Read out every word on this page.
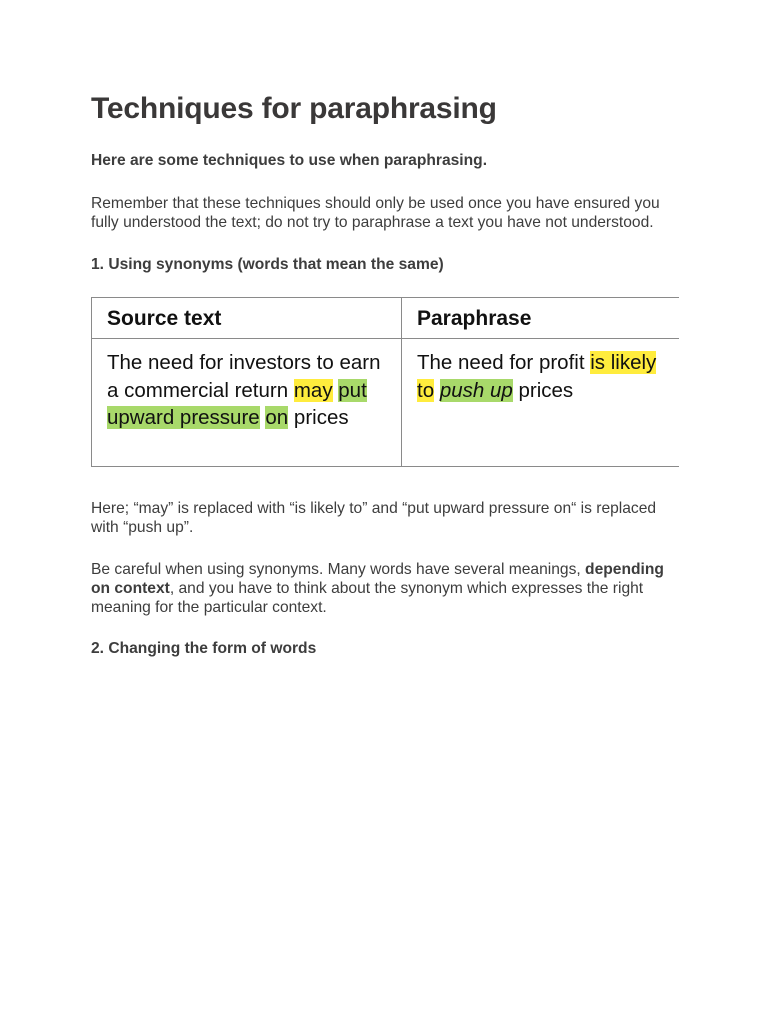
Techniques for paraphrasing

Here are some techniques to use when paraphrasing.

Remember that these techniques should only be used once you have ensured you fully understood the text; do not try to paraphrase a text you have not understood.

1. Using synonyms (words that mean the same)

Source text	Paraphrase
The need for investors to earn a commercial return may put upward pressure on prices	The need for profit is likely to push up prices

Here; “may” is replaced with “is likely to” and “put upward pressure on“ is replaced with “push up”.

Be careful when using synonyms. Many words have several meanings, depending on context, and you have to think about the synonym which expresses the right meaning for the particular context.

2. Changing the form of words
